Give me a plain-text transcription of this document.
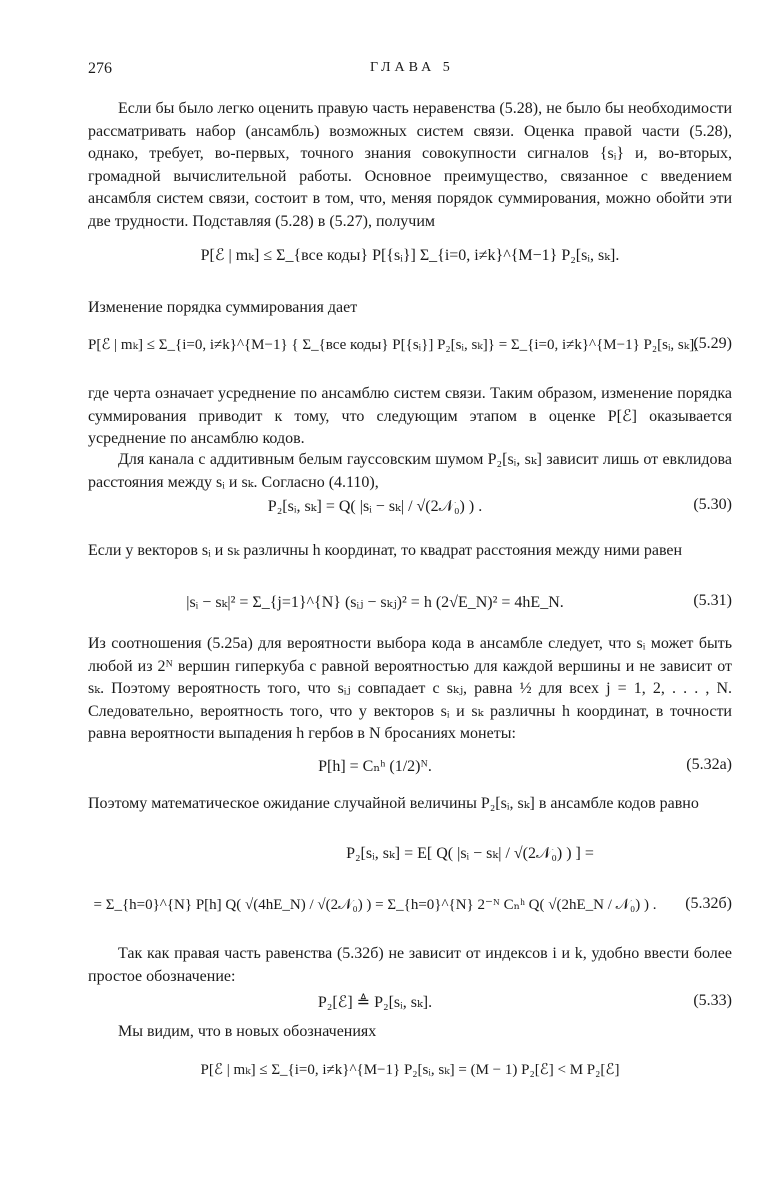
276	ГЛАВА 5

Если бы было легко оценить правую часть неравенства (5.28), не было бы необходимости рассматривать набор (ансамбль) возможных систем связи. Оценка правой части (5.28), однако, требует, во-первых, точного знания совокупности сигналов {sᵢ} и, во-вторых, громадной вычислительной работы. Основное преимущество, связанное с введением ансамбля систем связи, состоит в том, что, меняя порядок суммирования, можно обойти эти две трудности. Подставляя (5.28) в (5.27), получим

P[ℰ | mₖ] ≤ Σ_{все коды} P[{sᵢ}] Σ_{i=0, i≠k}^{M−1} P₂[sᵢ, sₖ].

Изменение порядка суммирования дает

P[ℰ | mₖ] ≤ Σ_{i=0, i≠k}^{M−1} { Σ_{все коды} P[{sᵢ}] P₂[sᵢ, sₖ]} = Σ_{i=0, i≠k}^{M−1} P₂[sᵢ, sₖ],
(5.29)

где черта означает усреднение по ансамблю систем связи. Таким образом, изменение порядка суммирования приводит к тому, что следующим этапом в оценке P[ℰ] оказывается усреднение по ансамблю кодов.

Для канала с аддитивным белым гауссовским шумом P₂[sᵢ, sₖ] зависит лишь от евклидова расстояния между sᵢ и sₖ. Согласно (4.110),

P₂[sᵢ, sₖ] = Q( |sᵢ − sₖ| / √(2𝒩₀) ) .	(5.30)

Если у векторов sᵢ и sₖ различны h координат, то квадрат расстояния между ними равен

|sᵢ − sₖ|² = Σ_{j=1}^{N} (sᵢⱼ − sₖⱼ)² = h (2√E_N)² = 4hE_N.	(5.31)

Из соотношения (5.25а) для вероятности выбора кода в ансамбле следует, что sᵢ может быть любой из 2ᴺ вершин гиперкуба с равной вероятностью для каждой вершины и не зависит от sₖ. Поэтому вероятность того, что sᵢⱼ совпадает с sₖⱼ, равна ½ для всех j = 1, 2, . . . , N. Следовательно, вероятность того, что у векторов sᵢ и sₖ различны h координат, в точности равна вероятности выпадения h гербов в N бросаниях монеты:

P[h] = Cₙʰ (1/2)ᴺ.	(5.32а)

Поэтому математическое ожидание случайной величины P₂[sᵢ, sₖ] в ансамбле кодов равно

P₂[sᵢ, sₖ] = E[ Q( |sᵢ − sₖ| / √(2𝒩₀) ) ] =
= Σ_{h=0}^{N} P[h] Q( √(4hE_N) / √(2𝒩₀) ) = Σ_{h=0}^{N} 2⁻ᴺ Cₙʰ Q( √(2hE_N / 𝒩₀) ) .	(5.32б)

Так как правая часть равенства (5.32б) не зависит от индексов i и k, удобно ввести более простое обозначение:

P₂[ℰ] ≜ P₂[sᵢ, sₖ].	(5.33)

Мы видим, что в новых обозначениях

P[ℰ | mₖ] ≤ Σ_{i=0, i≠k}^{M−1} P₂[sᵢ, sₖ] = (M − 1) P₂[ℰ] < M P₂[ℰ]
